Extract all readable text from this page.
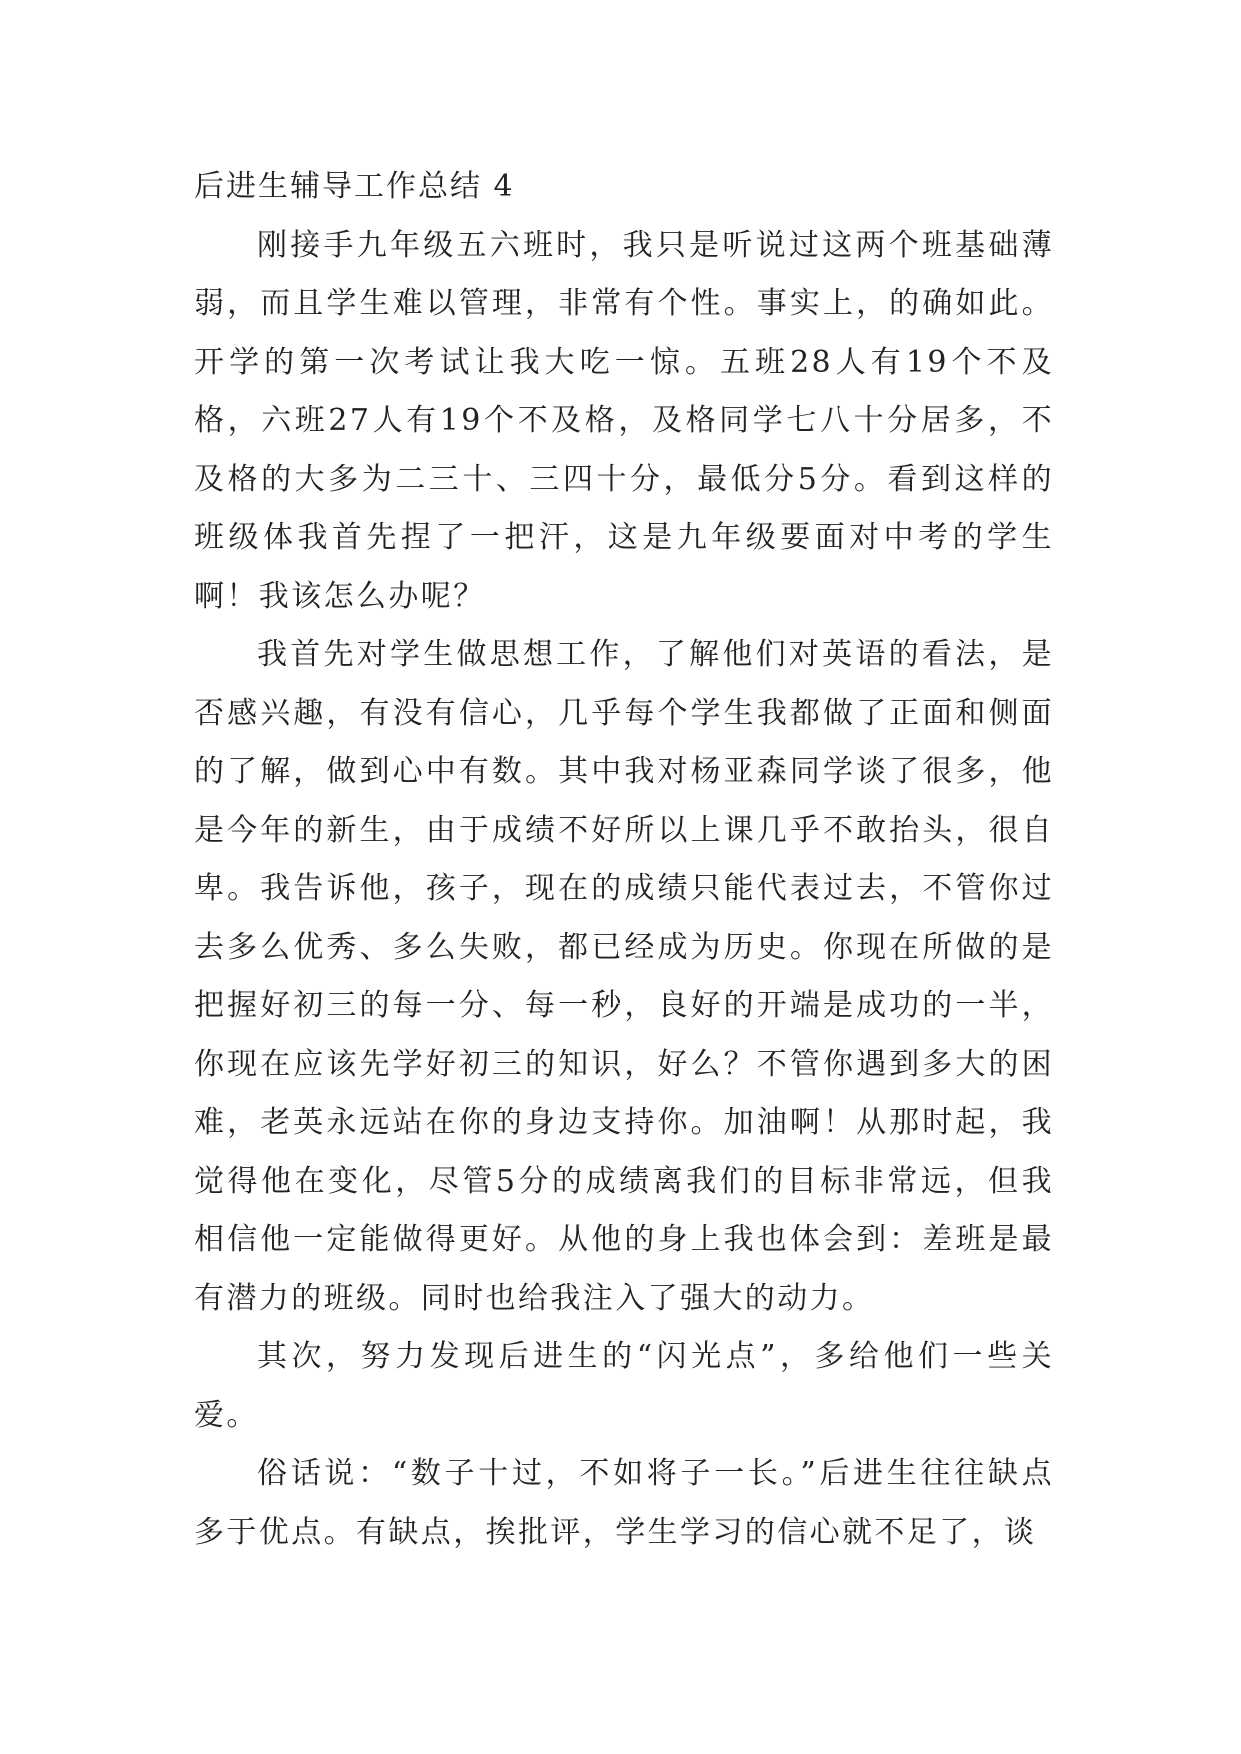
后进生辅导工作总结 4

刚接手九年级五六班时，我只是听说过这两个班基础薄弱，而且学生难以管理，非常有个性。事实上，的确如此。开学的第一次考试让我大吃一惊。五班28人有19个不及格，六班27人有19个不及格，及格同学七八十分居多，不及格的大多为二三十、三四十分，最低分5分。看到这样的班级体我首先捏了一把汗，这是九年级要面对中考的学生啊！我该怎么办呢？

我首先对学生做思想工作，了解他们对英语的看法，是否感兴趣，有没有信心，几乎每个学生我都做了正面和侧面的了解，做到心中有数。其中我对杨亚森同学谈了很多，他是今年的新生，由于成绩不好所以上课几乎不敢抬头，很自卑。我告诉他，孩子，现在的成绩只能代表过去，不管你过去多么优秀、多么失败，都已经成为历史。你现在所做的是把握好初三的每一分、每一秒，良好的开端是成功的一半，你现在应该先学好初三的知识，好么？不管你遇到多大的困难，老英永远站在你的身边支持你。加油啊！从那时起，我觉得他在变化，尽管5分的成绩离我们的目标非常远，但我相信他一定能做得更好。从他的身上我也体会到：差班是最有潜力的班级。同时也给我注入了强大的动力。

其次，努力发现后进生的“闪光点”，多给他们一些关爱。

俗话说：“数子十过，不如将子一长。”后进生往往缺点多于优点。有缺点，挨批评，学生学习的信心就不足了，谈
